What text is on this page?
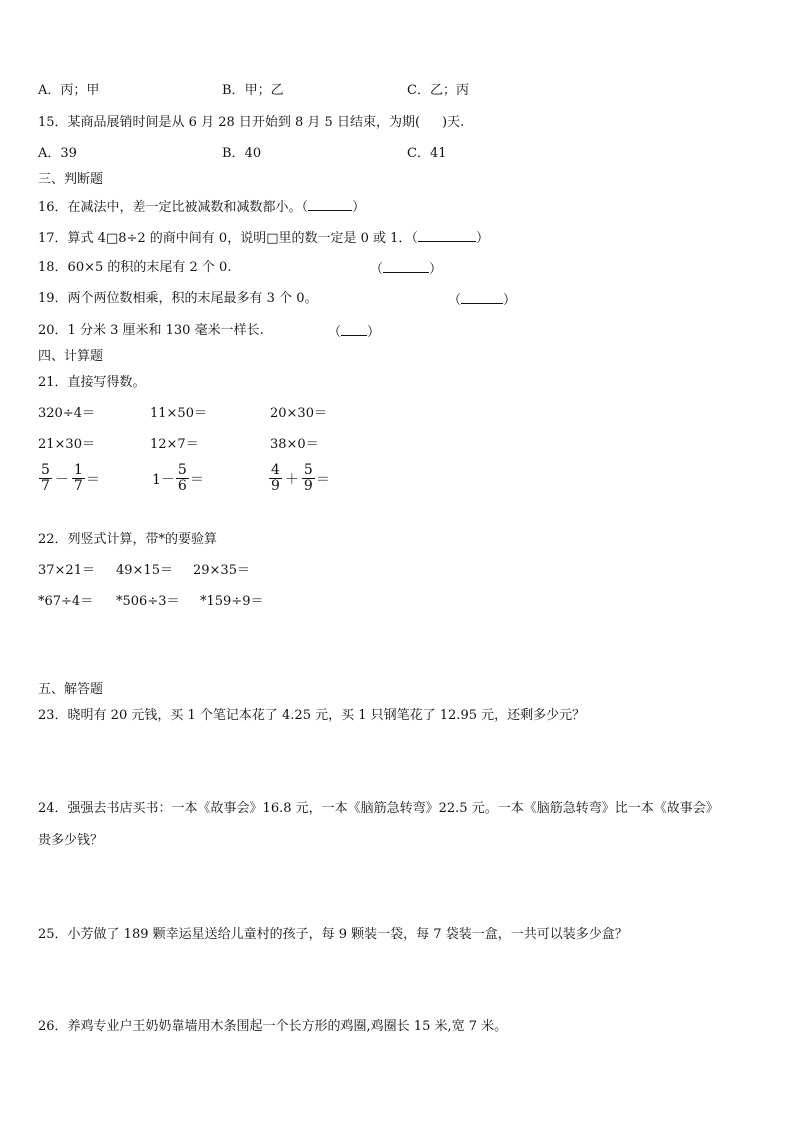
A．丙；甲	B．甲；乙	C．乙；丙
15．某商品展销时间是从 6 月 28 日开始到 8 月 5 日结束，为期( )天.
A．39	B．40	C．41
三、判断题
16．在减法中，差一定比被减数和减数都小。（	）
17．算式 4□8÷2 的商中间有 0，说明□里的数一定是 0 或 1．（	）
18．60×5 的积的末尾有 2 个 0.	（	）
19．两个两位数相乘，积的末尾最多有 3 个 0。	（	）
20．1 分米 3 厘米和 130 毫米一样长.	（ ）
四、计算题
21．直接写得数。
320÷4＝	11×50＝	20×30＝
21×30＝	12×7＝	38×0＝
$\frac{5}{7} - \frac{1}{7}$ ＝	$1- \frac{5}{6}$ ＝	$\frac{4}{9} + \frac{5}{9}$ ＝
22．列竖式计算，带*的要验算
37×21＝ 49×15＝ 29×35＝
*67÷4＝ *506÷3＝ *159÷9＝
五、解答题
23．晓明有 20 元钱，买 1 个笔记本花了 4.25 元，买 1 只钢笔花了 12.95 元，还剩多少元？
24．强强去书店买书：一本《故事会》16.8 元，一本《脑筋急转弯》22.5 元。一本《脑筋急转弯》比一本《故事会》
贵多少钱？
25．小芳做了 189 颗幸运星送给儿童村的孩子，每 9 颗装一袋，每 7 袋装一盒，一共可以装多少盒？
26．养鸡专业户王奶奶靠墙用木条围起一个长方形的鸡圈,鸡圈长 15 米,宽 7 米。
